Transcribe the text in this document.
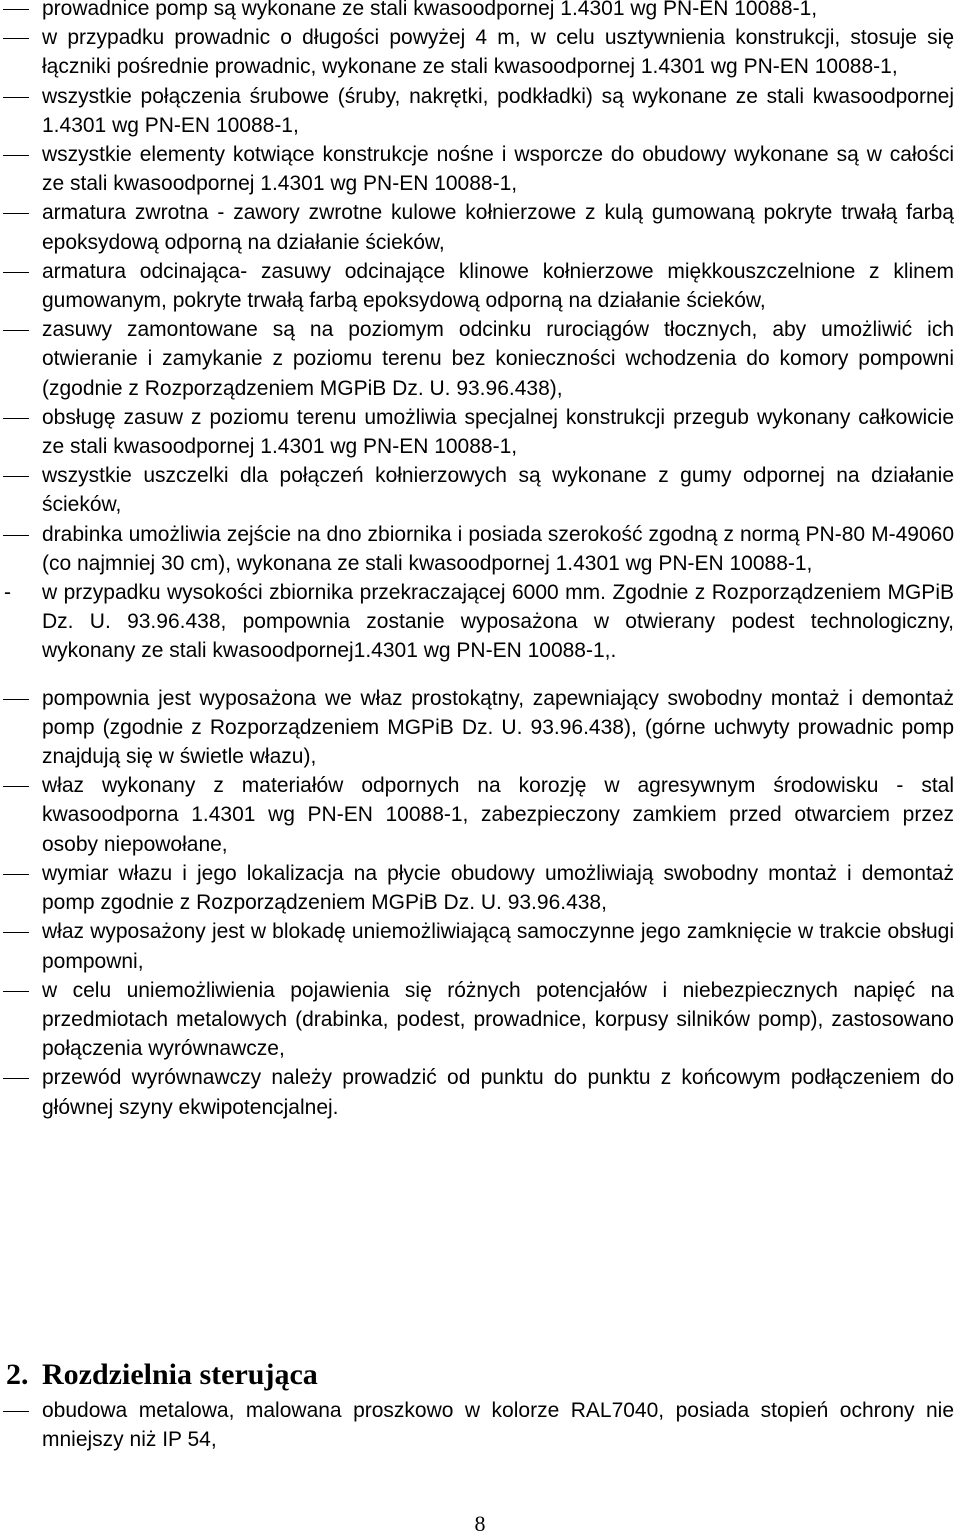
prowadnice pomp są wykonane ze stali kwasoodpornej 1.4301 wg PN-EN 10088-1,
w przypadku prowadnic o długości powyżej 4 m, w celu usztywnienia konstrukcji, stosuje się łączniki pośrednie prowadnic, wykonane ze stali kwasoodpornej 1.4301 wg PN-EN 10088-1,
wszystkie połączenia śrubowe (śruby, nakrętki, podkładki) są wykonane ze stali kwasoodpornej 1.4301 wg PN-EN 10088-1,
wszystkie elementy kotwiące konstrukcje nośne i wsporcze do obudowy wykonane są w całości ze stali kwasoodpornej 1.4301 wg PN-EN 10088-1,
armatura zwrotna - zawory zwrotne kulowe kołnierzowe z kulą gumowaną pokryte trwałą farbą epoksydową odporną na działanie ścieków,
armatura odcinająca- zasuwy odcinające klinowe kołnierzowe miękkouszczelnione z klinem gumowanym, pokryte trwałą farbą epoksydową odporną na działanie ścieków,
zasuwy zamontowane są na poziomym odcinku rurociągów tłocznych, aby umożliwić ich otwieranie i zamykanie z poziomu terenu bez konieczności wchodzenia do komory pompowni (zgodnie z Rozporządzeniem MGPiB Dz. U. 93.96.438),
obsługę zasuw z poziomu terenu umożliwia specjalnej konstrukcji przegub wykonany całkowicie ze stali kwasoodpornej 1.4301 wg PN-EN 10088-1,
wszystkie uszczelki dla połączeń kołnierzowych są wykonane z gumy odpornej na działanie ścieków,
drabinka umożliwia zejście na dno zbiornika i posiada szerokość zgodną z normą PN-80 M-49060 (co najmniej 30 cm), wykonana ze stali kwasoodpornej 1.4301 wg PN-EN 10088-1,
-	w przypadku wysokości zbiornika przekraczającej 6000 mm. Zgodnie z Rozporządzeniem MGPiB Dz. U. 93.96.438, pompownia zostanie wyposażona w otwierany podest technologiczny, wykonany ze stali kwasoodpornej1.4301 wg PN-EN 10088-1,.
pompownia jest wyposażona we właz prostokątny, zapewniający swobodny montaż i demontaż pomp (zgodnie z Rozporządzeniem MGPiB Dz. U. 93.96.438), (górne uchwyty prowadnic pomp znajdują się w świetle włazu),
właz wykonany z materiałów odpornych na korozję w agresywnym środowisku - stal kwasoodporna 1.4301 wg PN-EN 10088-1, zabezpieczony zamkiem przed otwarciem przez osoby niepowołane,
wymiar włazu i jego lokalizacja na płycie obudowy umożliwiają swobodny montaż i demontaż pomp zgodnie z Rozporządzeniem MGPiB Dz. U. 93.96.438,
właz wyposażony jest w blokadę uniemożliwiającą samoczynne jego zamknięcie w trakcie obsługi pompowni,
w celu uniemożliwienia pojawienia się różnych potencjałów i niebezpiecznych napięć na przedmiotach metalowych (drabinka, podest, prowadnice, korpusy silników pomp), zastosowano połączenia wyrównawcze,
przewód wyrównawczy należy prowadzić od punktu do punktu z końcowym podłączeniem do głównej szyny ekwipotencjalnej.
2. Rozdzielnia sterująca
obudowa metalowa, malowana proszkowo w kolorze RAL7040, posiada stopień ochrony nie mniejszy niż IP 54,
8
